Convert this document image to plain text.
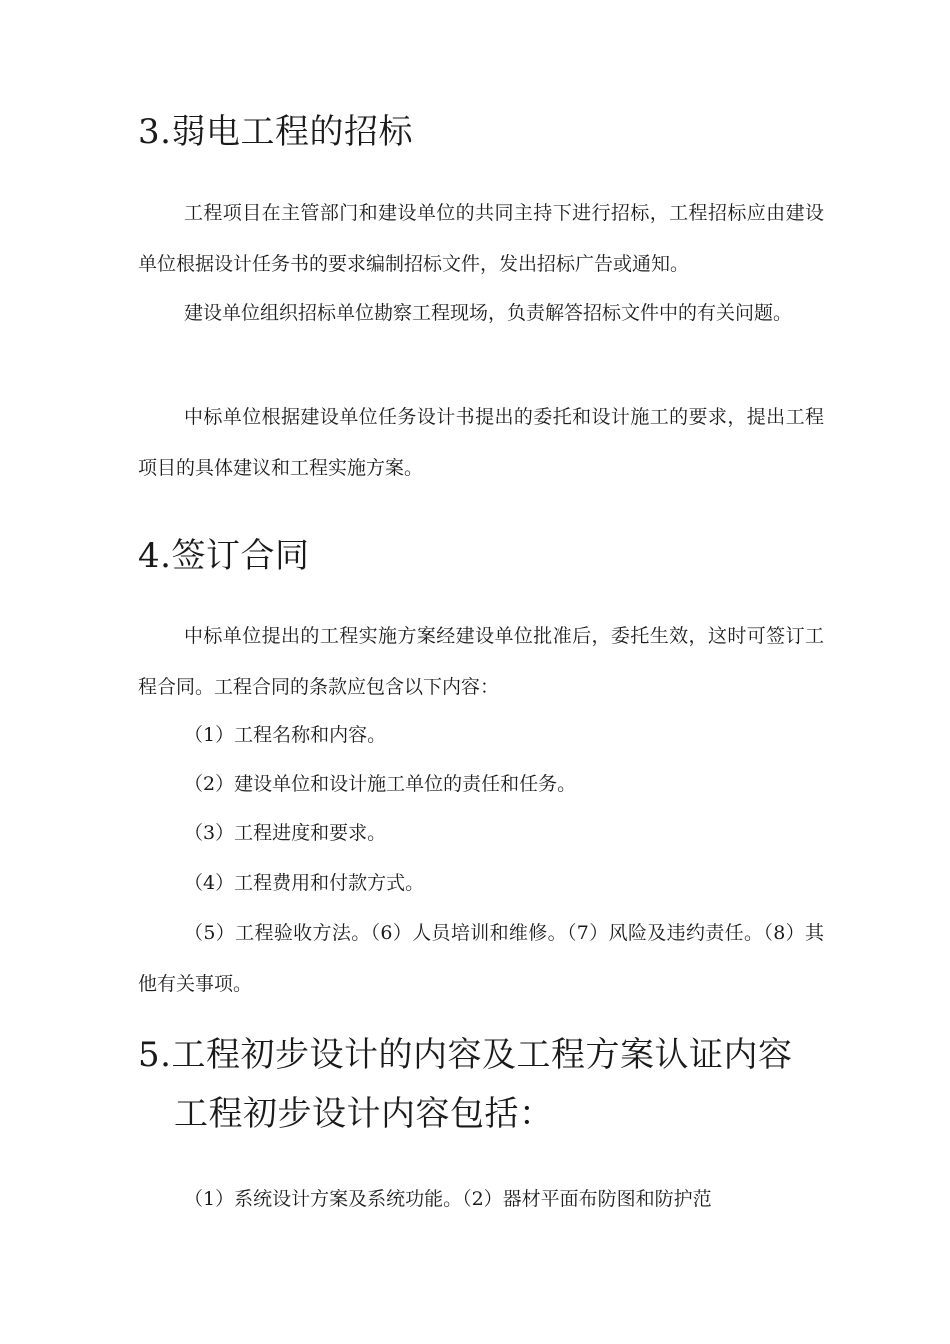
3.弱电工程的招标
工程项目在主管部门和建设单位的共同主持下进行招标，工程招标应由建设单位根据设计任务书的要求编制招标文件，发出招标广告或通知。
建设单位组织招标单位勘察工程现场，负责解答招标文件中的有关问题。
中标单位根据建设单位任务设计书提出的委托和设计施工的要求，提出工程项目的具体建议和工程实施方案。
4.签订合同
中标单位提出的工程实施方案经建设单位批准后，委托生效，这时可签订工程合同。工程合同的条款应包含以下内容：
（1）工程名称和内容。
（2）建设单位和设计施工单位的责任和任务。
（3）工程进度和要求。
（4）工程费用和付款方式。
（5）工程验收方法。（6）人员培训和维修。（7）风险及违约责任。（8）其他有关事项。
5.工程初步设计的内容及工程方案认证内容
工程初步设计内容包括：
（1）系统设计方案及系统功能。（2）器材平面布防图和防护范
